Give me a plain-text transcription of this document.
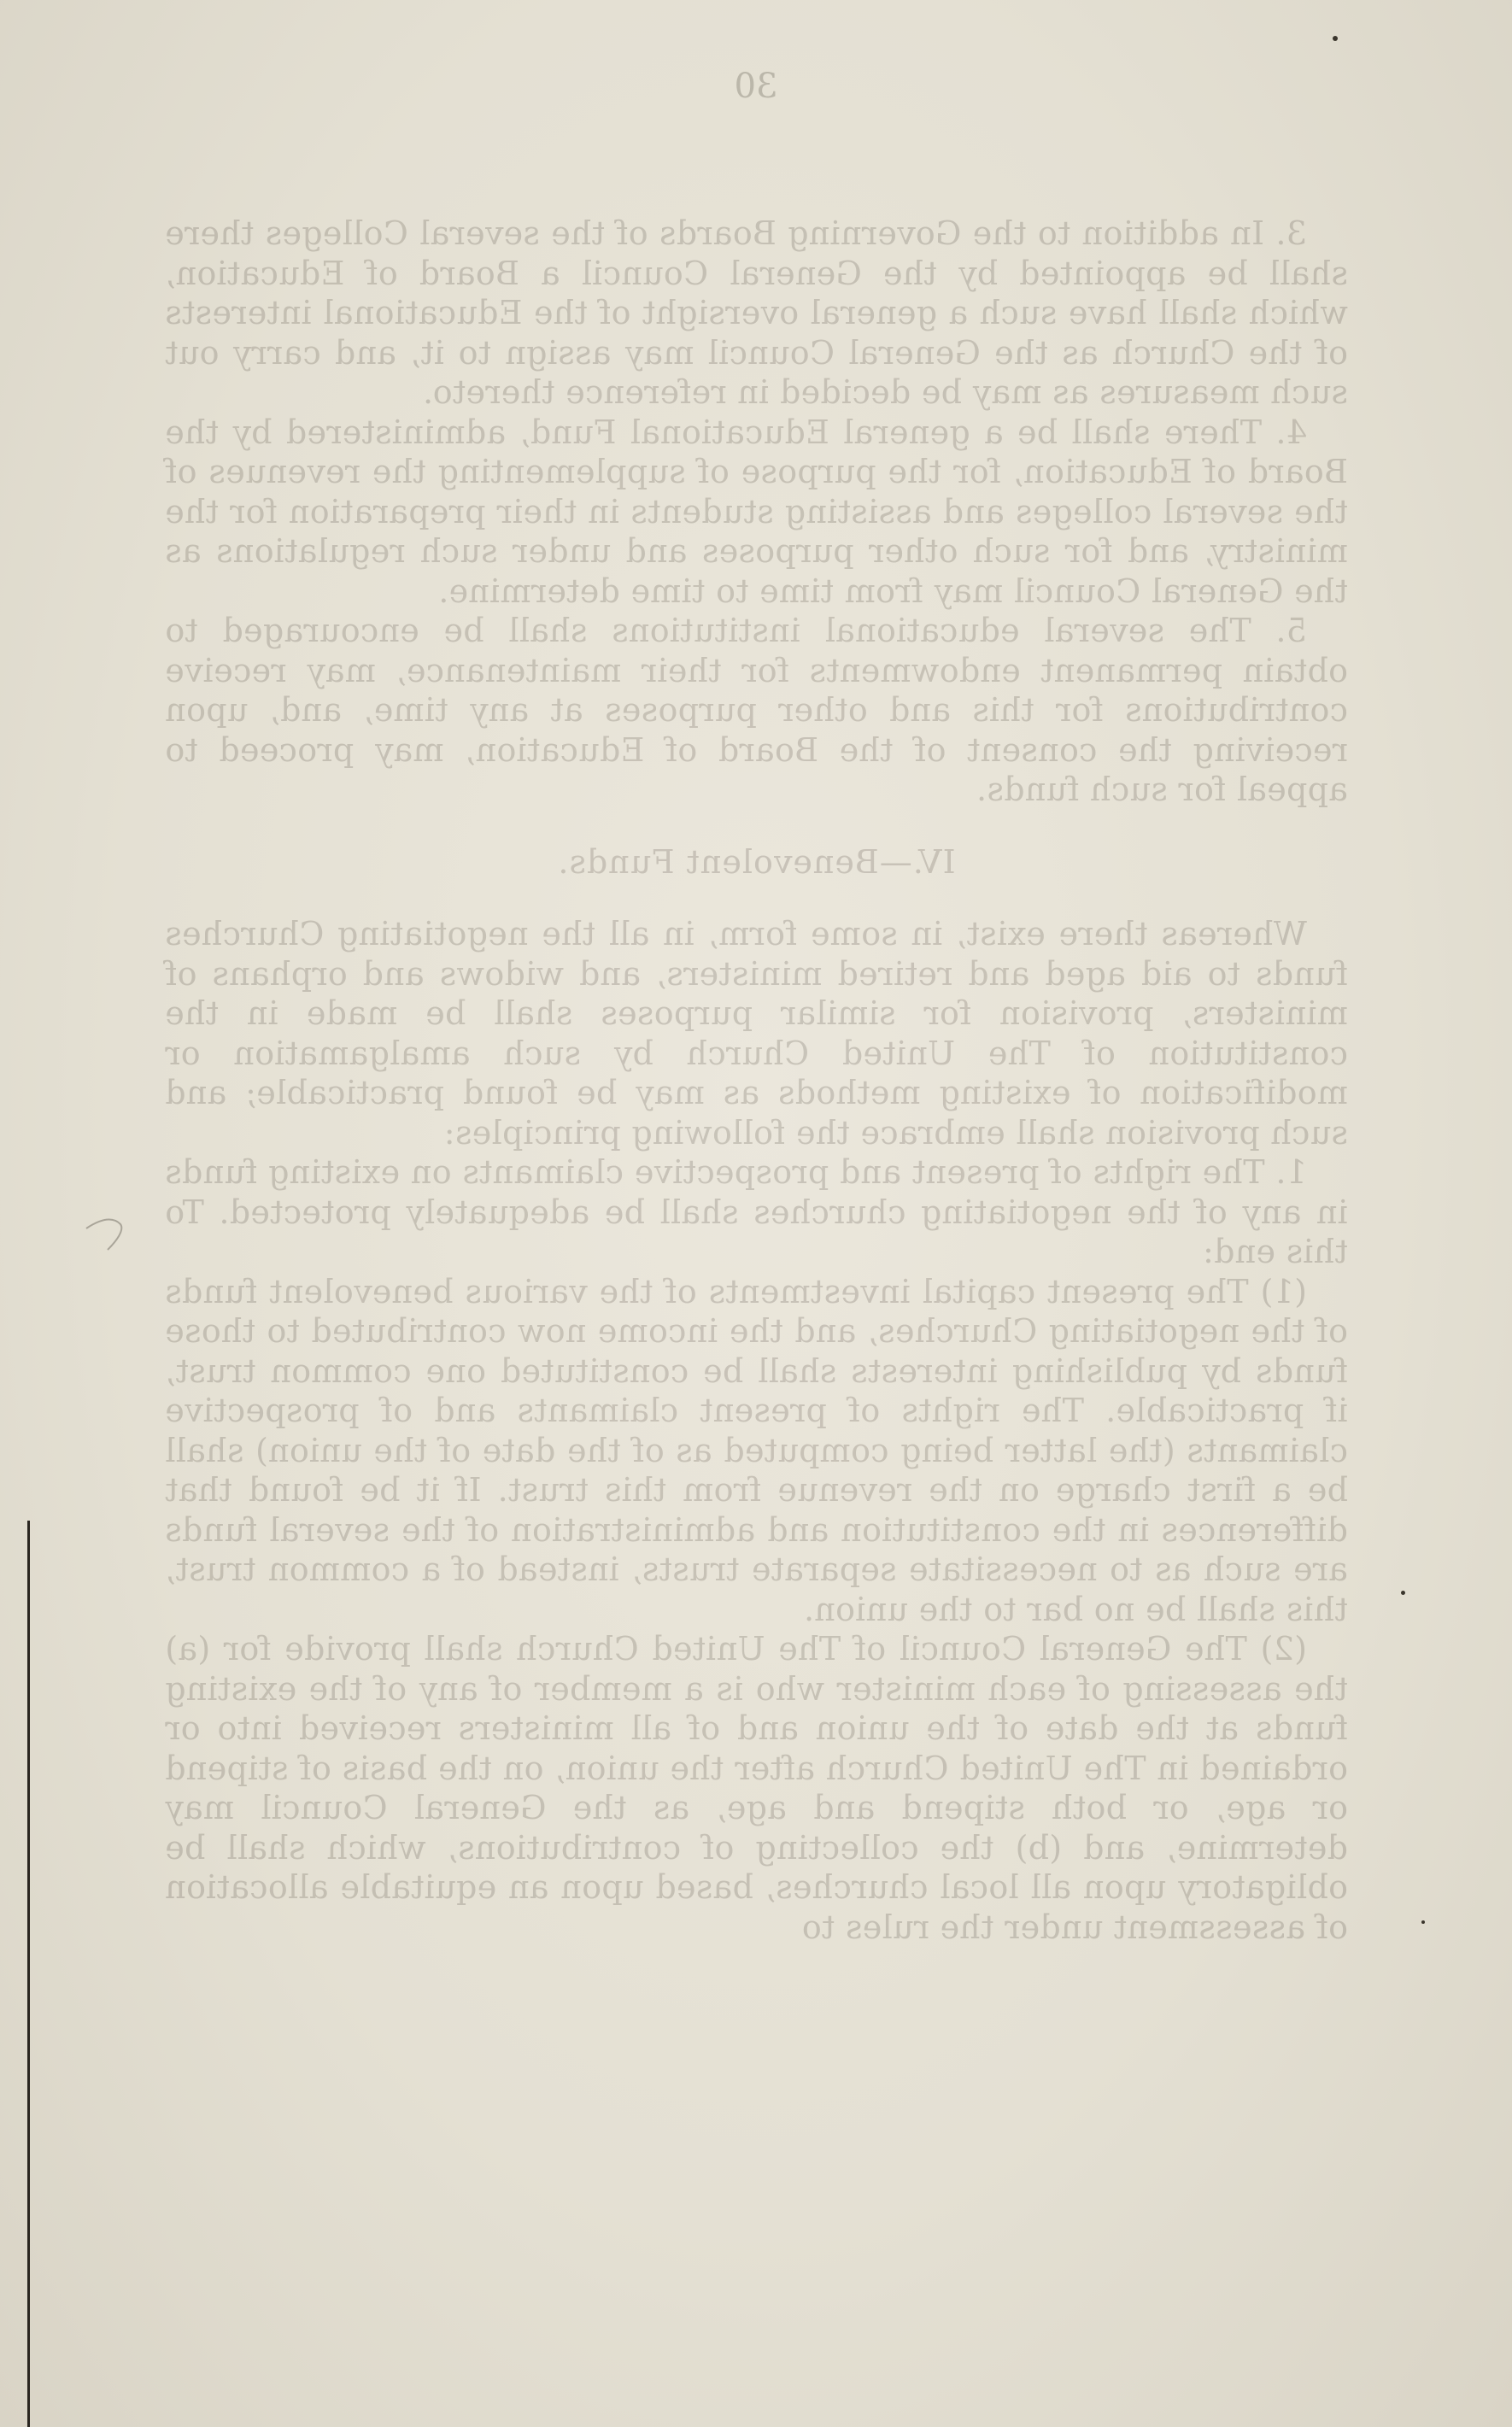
30

3. In addition to the Governing Boards of the several Colleges there shall be appointed by the General Council a Board of Education, which shall have such a general oversight of the Educational interests of the Church as the General Council may assign to it, and carry out such measures as may be decided in reference thereto.

4. There shall be a general Educational Fund, administered by the Board of Education, for the purpose of supplementing the revenues of the several colleges and assisting students in their preparation for the ministry, and for such other purposes and under such regulations as the General Council may from time to time determine.

5. The several educational institutions shall be encouraged to obtain permanent endowments for their maintenance, may receive contributions for this and other purposes at any time, and, upon receiving the consent of the Board of Education, may proceed to appeal for such funds.

IV.—Benevolent Funds.

Whereas there exist, in some form, in all the negotiating Churches funds to aid aged and retired ministers, and widows and orphans of ministers, provision for similar purposes shall be made in the constitution of The United Church by such amalgamation or modification of existing methods as may be found practicable; and such provision shall embrace the following principles:

1. The rights of present and prospective claimants on existing funds in any of the negotiating churches shall be adequately protected. To this end:

(1) The present capital investments of the various benevolent funds of the negotiating Churches, and the income now contributed to those funds by publishing interests shall be constituted one common trust, if practicable. The rights of present claimants and of prospective claimants (the latter being computed as of the date of the union) shall be a first charge on the revenue from this trust. If it be found that differences in the constitution and administration of the several funds are such as to necessitate separate trusts, instead of a common trust, this shall be no bar to the union.

(2) The General Council of The United Church shall provide for (a) the assessing of each minister who is a member of any of the existing funds at the date of the union and of all ministers received into or ordained in The United Church after the union, on the basis of stipend or age, or both stipend and age, as the General Council may determine, and (b) the collecting of contributions, which shall be obligatory upon all local churches, based upon an equitable allocation of assessment under the rules to
